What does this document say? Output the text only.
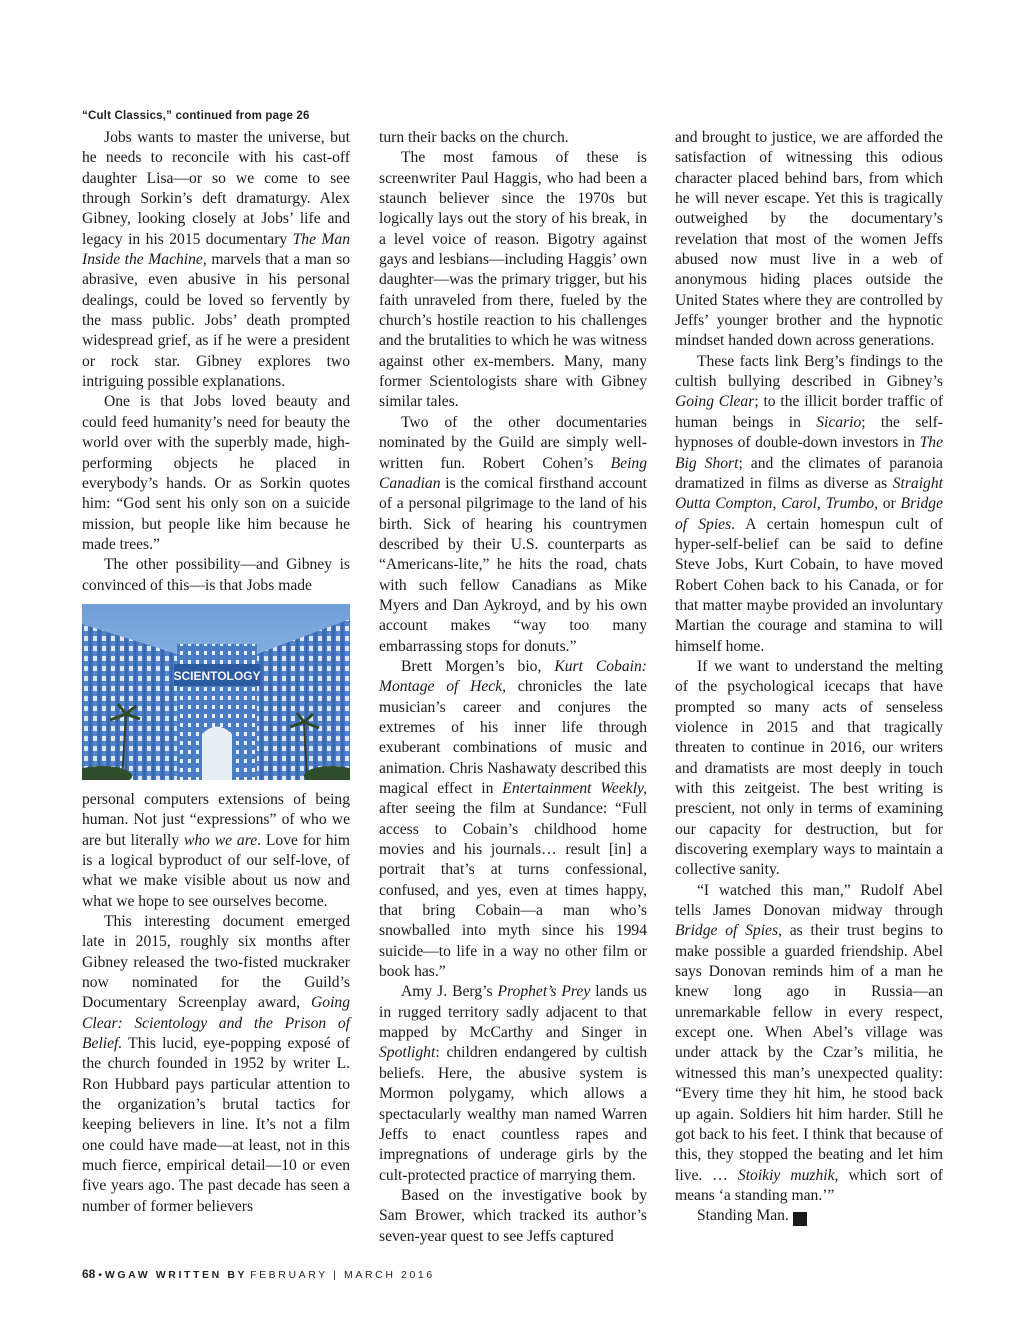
“Cult Classics,” continued from page 26

Jobs wants to master the universe, but he needs to reconcile with his cast-off daughter Lisa—or so we come to see through Sorkin’s deft dramaturgy. Alex Gibney, looking closely at Jobs’ life and legacy in his 2015 documentary The Man Inside the Machine, marvels that a man so abrasive, even abusive in his personal dealings, could be loved so fervently by the mass public. Jobs’ death prompted widespread grief, as if he were a president or rock star. Gibney explores two intriguing possible explanations.

One is that Jobs loved beauty and could feed humanity’s need for beauty the world over with the superbly made, high-performing objects he placed in everybody’s hands. Or as Sorkin quotes him: “God sent his only son on a suicide mission, but people like him because he made trees.”

The other possibility—and Gibney is convinced of this—is that Jobs made

SCIENTOLOGY

personal computers extensions of being human. Not just “expressions” of who we are but literally who we are. Love for him is a logical byproduct of our self-love, of what we make visible about us now and what we hope to see ourselves become.

This interesting document emerged late in 2015, roughly six months after Gibney released the two-fisted muckraker now nominated for the Guild’s Documentary Screenplay award, Going Clear: Scientology and the Prison of Belief. This lucid, eye-popping exposé of the church founded in 1952 by writer L. Ron Hubbard pays particular attention to the organization’s brutal tactics for keeping believers in line. It’s not a film one could have made—at least, not in this much fierce, empirical detail—10 or even five years ago. The past decade has seen a number of former believers

turn their backs on the church.

The most famous of these is screenwriter Paul Haggis, who had been a staunch believer since the 1970s but logically lays out the story of his break, in a level voice of reason. Bigotry against gays and lesbians—including Haggis’ own daughter—was the primary trigger, but his faith unraveled from there, fueled by the church’s hostile reaction to his challenges and the brutalities to which he was witness against other ex-members. Many, many former Scientologists share with Gibney similar tales.

Two of the other documentaries nominated by the Guild are simply well-written fun. Robert Cohen’s Being Canadian is the comical firsthand account of a personal pilgrimage to the land of his birth. Sick of hearing his countrymen described by their U.S. counterparts as “Americans-lite,” he hits the road, chats with such fellow Canadians as Mike Myers and Dan Aykroyd, and by his own account makes “way too many embarrassing stops for donuts.”

Brett Morgen’s bio, Kurt Cobain: Montage of Heck, chronicles the late musician’s career and conjures the extremes of his inner life through exuberant combinations of music and animation. Chris Nashawaty described this magical effect in Entertainment Weekly, after seeing the film at Sundance: “Full access to Cobain’s childhood home movies and his journals… result [in] a portrait that’s at turns confessional, confused, and yes, even at times happy, that bring Cobain—a man who’s snowballed into myth since his 1994 suicide—to life in a way no other film or book has.”

Amy J. Berg’s Prophet’s Prey lands us in rugged territory sadly adjacent to that mapped by McCarthy and Singer in Spotlight: children endangered by cultish beliefs. Here, the abusive system is Mormon polygamy, which allows a spectacularly wealthy man named Warren Jeffs to enact countless rapes and impregnations of underage girls by the cult-protected practice of marrying them.

Based on the investigative book by Sam Brower, which tracked its author’s seven-year quest to see Jeffs captured

and brought to justice, we are afforded the satisfaction of witnessing this odious character placed behind bars, from which he will never escape. Yet this is tragically outweighed by the documentary’s revelation that most of the women Jeffs abused now must live in a web of anonymous hiding places outside the United States where they are controlled by Jeffs’ younger brother and the hypnotic mindset handed down across generations.

These facts link Berg’s findings to the cultish bullying described in Gibney’s Going Clear; to the illicit border traffic of human beings in Sicario; the self-hypnoses of double-down investors in The Big Short; and the climates of paranoia dramatized in films as diverse as Straight Outta Compton, Carol, Trumbo, or Bridge of Spies. A certain homespun cult of hyper-self-belief can be said to define Steve Jobs, Kurt Cobain, to have moved Robert Cohen back to his Canada, or for that matter maybe provided an involuntary Martian the courage and stamina to will himself home.

If we want to understand the melting of the psychological icecaps that have prompted so many acts of senseless violence in 2015 and that tragically threaten to continue in 2016, our writers and dramatists are most deeply in touch with this zeitgeist. The best writing is prescient, not only in terms of examining our capacity for destruction, but for discovering exemplary ways to maintain a collective sanity.

“I watched this man,” Rudolf Abel tells James Donovan midway through Bridge of Spies, as their trust begins to make possible a guarded friendship. Abel says Donovan reminds him of a man he knew long ago in Russia—an unremarkable fellow in every respect, except one. When Abel’s village was under attack by the Czar’s militia, he witnessed this man’s unexpected quality: “Every time they hit him, he stood back up again. Soldiers hit him harder. Still he got back to his feet. I think that because of this, they stopped the beating and let him live. … Stoikiy muzhik, which sort of means ‘a standing man.’”

Standing Man.	WB

68 • WGAW WRITTEN BY FEBRUARY | MARCH 2016
